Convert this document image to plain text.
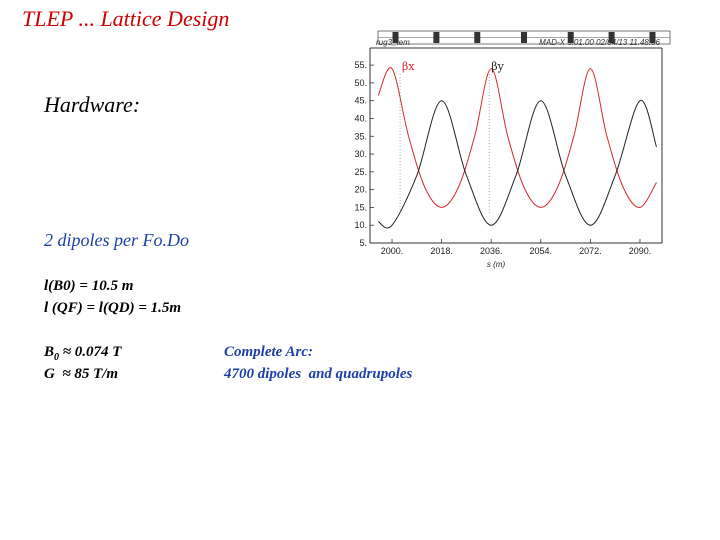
TLEP ... Lattice Design
Hardware:
2 dipoles per Fo.Do
l(B0) = 10.5 m
l (QF) = l(QD) = 1.5m
$B_0 \approx 0.074$ T
G  ≈ 85 T/m
Complete Arc:
4700 dipoles  and quadrupoles
rug3_tem	MAD-X 5.01.00 02/04/13 11.48.06
5.
10.
15.
20.
25.
30.
35.
40.
45.
50.
55.
2000.	2018.	2036.	2054.	2072.	2090.
s (m)
βx	βy
